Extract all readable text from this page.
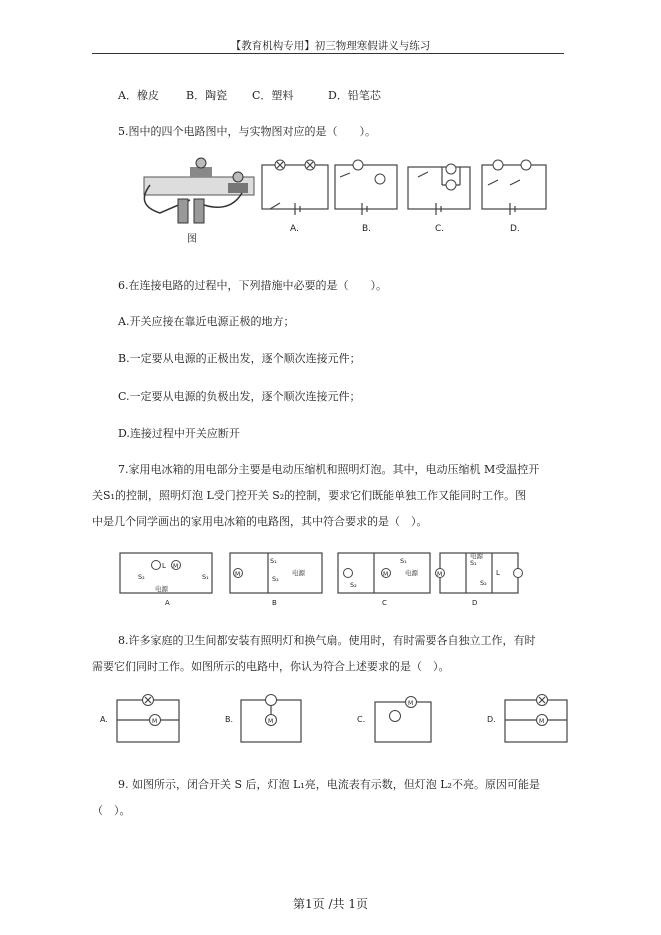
【教育机构专用】初三物理寒假讲义与练习
A．橡皮 B．陶瓷 C．塑料	D．铅笔芯
5.图中的四个电路图中，与实物图对应的是（　　）。
图
A.	B.	C.	D.
6.在连接电路的过程中，下列措施中必要的是（　　）。
A.开关应接在靠近电源正极的地方；
B.一定要从电源的正极出发，逐个顺次连接元件；
C.一定要从电源的负极出发，逐个顺次连接元件；
D.连接过程中开关应断开
7.家用电冰箱的用电部分主要是电动压缩机和照明灯泡。其中，电动压缩机 M受温控开
关S₁的控制，照明灯泡 L受门控开关 S₂的控制，要求它们既能单独工作又能同时工作。图
中是几个同学画出的家用电冰箱的电路图，其中符合要求的是（　）。
L M
S₂	S₁
电源
A
M
S₁
S₂
电源
B
M
S₁
S₂
电源
C
M	L
S₁
S₂
电源
D
8.许多家庭的卫生间都安装有照明灯和换气扇。使用时，有时需要各自独立工作，有时
需要它们同时工作。如图所示的电路中，你认为符合上述要求的是（　）。
A.	M	B.	M	C.
M
D.	M
9. 如图所示，闭合开关 S 后，灯泡 L₁亮，电流表有示数，但灯泡 L₂不亮。原因可能是
（　）。
第1页 /共 1页
